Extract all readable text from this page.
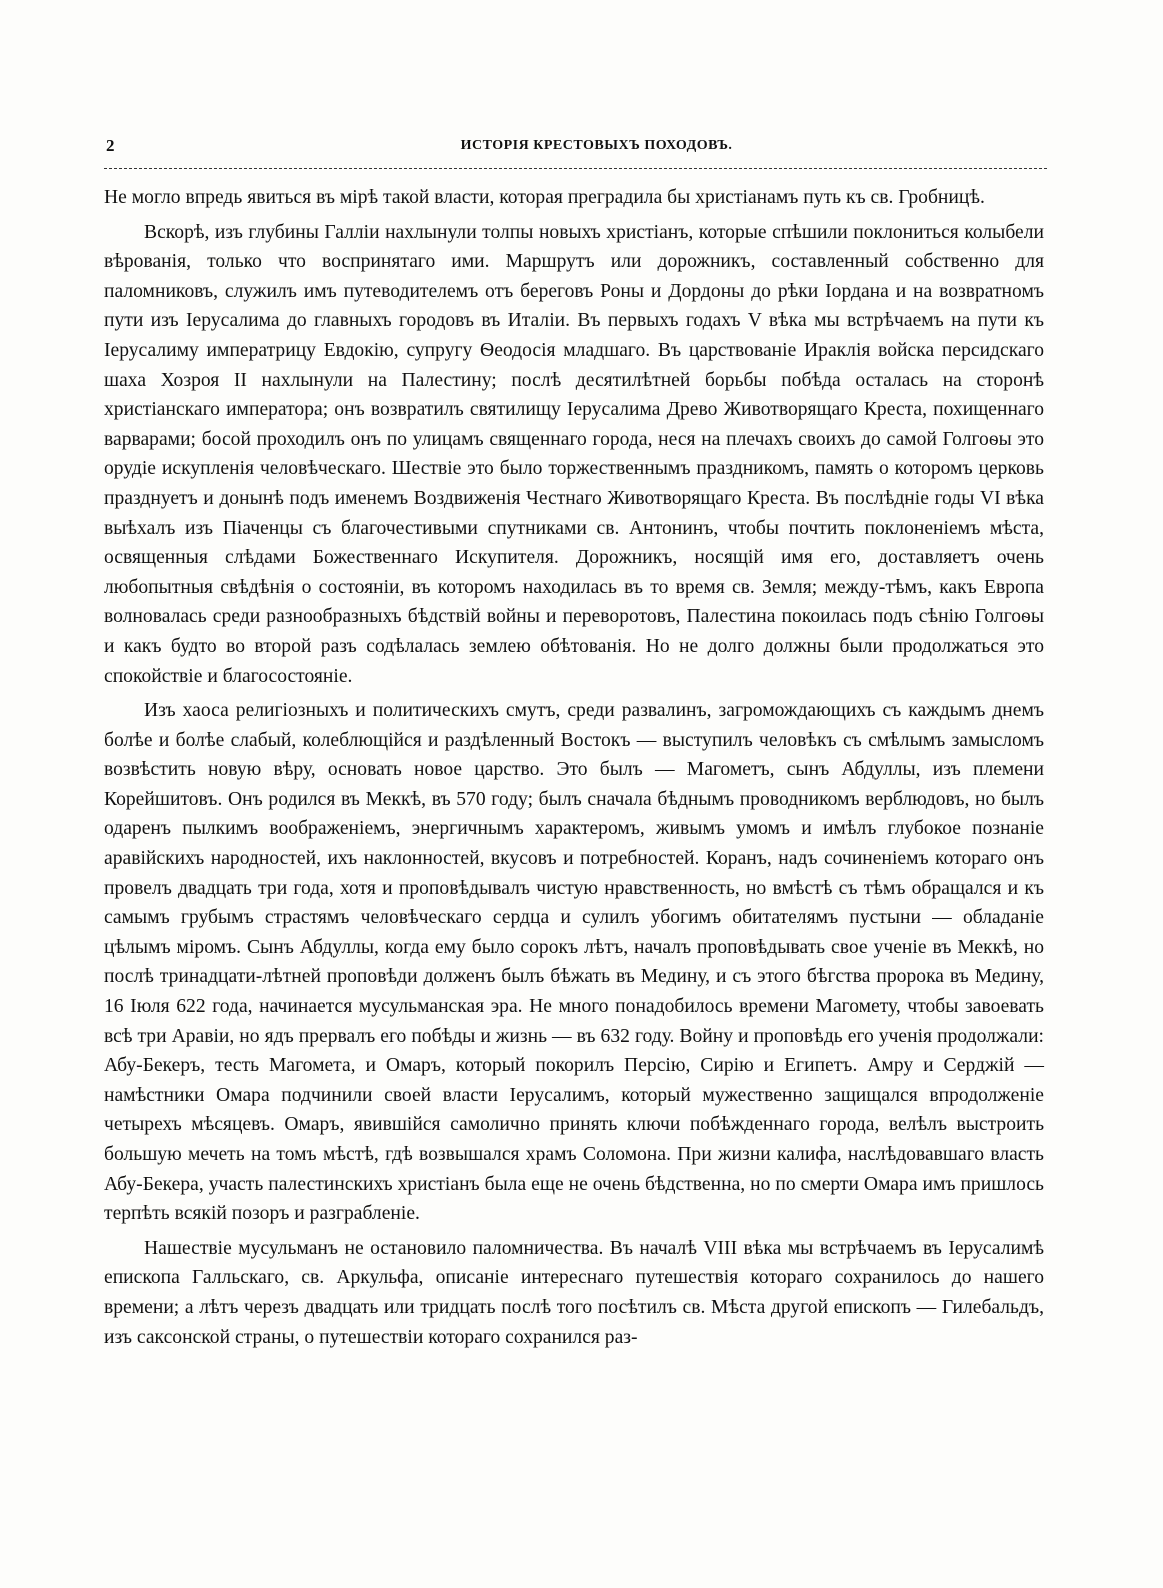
2	ИСТОРІЯ КРЕСТОВЫХЪ ПОХОДОВЪ.

Не могло впредь явиться въ мірѣ такой власти, которая преградила бы христіанамъ путь къ св. Гробницѣ.

Вскорѣ, изъ глубины Галліи нахлынули толпы новыхъ христіанъ, которые спѣшили поклониться колыбели вѣрованія, только что воспринятаго ими. Маршрутъ или дорожникъ, составленный собственно для паломниковъ, служилъ имъ путеводителемъ отъ береговъ Роны и Дордоны до рѣки Іордана и на возвратномъ пути изъ Іерусалима до главныхъ городовъ въ Италіи. Въ первыхъ годахъ V вѣка мы встрѣчаемъ на пути къ Іерусалиму императрицу Евдокію, супругу Ѳеодосія младшаго. Въ царствованіе Ираклія войска персидскаго шаха Хозроя II нахлынули на Палестину; послѣ десятилѣтней борьбы побѣда осталась на сторонѣ христіанскаго императора; онъ возвратилъ святилищу Іерусалима Древо Животворящаго Креста, похищеннаго варварами; босой проходилъ онъ по улицамъ священнаго города, неся на плечахъ своихъ до самой Голгоѳы это орудіе искупленія человѣческаго. Шествіе это было торжественнымъ праздникомъ, память о которомъ церковь празднуетъ и донынѣ подъ именемъ Воздвиженія Честнаго Животворящаго Креста. Въ послѣдніе годы VI вѣка выѣхалъ изъ Піаченцы съ благочестивыми спутниками св. Антонинъ, чтобы почтить поклоненіемъ мѣста, освященныя слѣдами Божественнаго Искупителя. Дорожникъ, носящій имя его, доставляетъ очень любопытныя свѣдѣнія о состояніи, въ которомъ находилась въ то время св. Земля; между-тѣмъ, какъ Европа волновалась среди разнообразныхъ бѣдствій войны и переворотовъ, Палестина покоилась подъ сѣнію Голгоѳы и какъ будто во второй разъ содѣлалась землею обѣтованія. Но не долго должны были продолжаться это спокойствіе и благосостояніе.

Изъ хаоса религіозныхъ и политическихъ смутъ, среди развалинъ, загромождающихъ съ каждымъ днемъ болѣе и болѣе слабый, колеблющійся и раздѣленный Востокъ — выступилъ человѣкъ съ смѣлымъ замысломъ возвѣстить новую вѣру, основать новое царство. Это былъ — Магометъ, сынъ Абдуллы, изъ племени Корейшитовъ. Онъ родился въ Меккѣ, въ 570 году; былъ сначала бѣднымъ проводникомъ верблюдовъ, но былъ одаренъ пылкимъ воображеніемъ, энергичнымъ характеромъ, живымъ умомъ и имѣлъ глубокое познаніе аравійскихъ народностей, ихъ наклонностей, вкусовъ и потребностей. Коранъ, надъ сочиненіемъ котораго онъ провелъ двадцать три года, хотя и проповѣдывалъ чистую нравственность, но вмѣстѣ съ тѣмъ обращался и къ самымъ грубымъ страстямъ человѣческаго сердца и сулилъ убогимъ обитателямъ пустыни — обладаніе цѣлымъ міромъ. Сынъ Абдуллы, когда ему было сорокъ лѣтъ, началъ проповѣдывать свое ученіе въ Меккѣ, но послѣ тринадцати-лѣтней проповѣди долженъ былъ бѣжать въ Медину, и съ этого бѣгства пророка въ Медину, 16 Іюля 622 года, начинается мусульманская эра. Не много понадобилось времени Магомету, чтобы завоевать всѣ три Аравіи, но ядъ прервалъ его побѣды и жизнь — въ 632 году. Войну и проповѣдь его ученія продолжали: Абу-Бекеръ, тесть Магомета, и Омаръ, который покорилъ Персію, Сирію и Египетъ. Амру и Серджій — намѣстники Омара подчинили своей власти Іерусалимъ, который мужественно защищался впродолженіе четырехъ мѣсяцевъ. Омаръ, явившійся самолично принять ключи побѣжденнаго города, велѣлъ выстроить большую мечеть на томъ мѣстѣ, гдѣ возвышался храмъ Соломона. При жизни калифа, наслѣдовавшаго власть Абу-Бекера, участь палестинскихъ христіанъ была еще не очень бѣдственна, но по смерти Омара имъ пришлось терпѣть всякій позоръ и разграбленіе.

Нашествіе мусульманъ не остановило паломничества. Въ началѣ VIII вѣка мы встрѣчаемъ въ Іерусалимѣ епископа Галльскаго, св. Аркульфа, описаніе интереснаго путешествія котораго сохранилось до нашего времени; а лѣтъ черезъ двадцать или тридцать послѣ того посѣтилъ св. Мѣста другой епископъ — Гилебальдъ, изъ саксонской страны, о путешествіи котораго сохранился раз-
